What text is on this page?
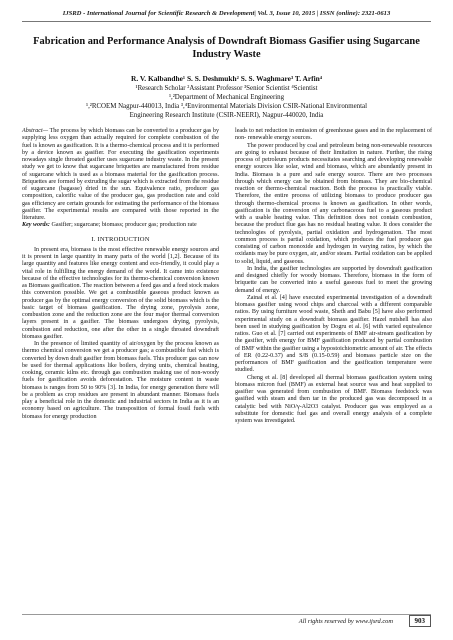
IJSRD - International Journal for Scientific Research & Development| Vol. 3, Issue 10, 2015 | ISSN (online): 2321-0613
Fabrication and Performance Analysis of Downdraft Biomass Gasifier using Sugarcane Industry Waste
R. V. Kalbandhe¹ S. S. Deshmukh² S. S. Waghmare³ T. Arfin⁴
¹Research Scholar ²Assistant Professor ³Senior Scientist ⁴Scientist
¹,²Department of Mechanical Engineering
¹,²RCOEM Nagpur-440013, India ³,⁴Environmental Materials Division CSIR-National Environmental
Engineering Research Institute (CSIR-NEERI), Nagpur-440020, India

Abstract— The process by which biomass can be converted to a producer gas by supplying less oxygen than actually required for complete combustion of the fuel is known as gasification. It is a thermo-chemical process and it is performed by a device known as gasifier. For executing the gasification experiments nowadays single throated gasifier uses sugarcane industry waste. In the present study we get to know that sugarcane briquettes are manufactured from residue of sugarcane which is used as a biomass material for the gasification process. Briquettes are formed by extruding the sugar which is extracted from the residue of sugarcane (bagasse) dried in the sun. Equivalence ratio, producer gas composition, calorific value of the producer gas, gas production rate and cold gas efficiency are certain grounds for estimating the performance of the biomass gasifier. The experimental results are compared with those reported in the literature.

Key words: Gasifier; sugarcane; biomass; producer gas; production rate

I. INTRODUCTION

In present era, biomass is the most effective renewable energy sources and it is present in large quantity in many parts of the world [1,2]. Because of its large quantity and features like energy content and eco-friendly, it could play a vital role in fulfilling the energy demand of the world. It came into existence because of the effective technologies for its thermo-chemical conversion known as Biomass gasification. The reaction between a feed gas and a feed stock makes this conversion possible. We get a combustible gaseous product known as producer gas by the optimal energy conversion of the solid biomass which is the basic target of biomass gasification. The drying zone, pyrolysis zone, combustion zone and the reduction zone are the four major thermal conversion layers present in a gasifier. The biomass undergoes drying, pyrolysis, combustion and reduction, one after the other in a single throated downdraft biomass gasifier.

In the presence of limited quantity of air/oxygen by the process known as thermo chemical conversion we get a producer gas; a combustible fuel which is converted by down draft gasifier from biomass fuels. This producer gas can now be used for thermal applications like boilers, drying units, chemical heating, cooking, ceramic kilns etc. through gas combustion making use of non-woody fuels for gasification avoids deforestation. The moisture content in waste biomass is ranges from 50 to 90% [3]. In India, for energy generation there will be a problem as crop residues are present in abundant manner. Biomass fuels play a beneficial role in the domestic and industrial sectors in India as it is an economy based on agriculture. The transposition of formal fossil fuels with biomass for energy production

leads to net reduction in emission of greenhouse gases and in the replacement of non- renewable energy sources.

The power produced by coal and petroleum being non-renewable resources are going to exhaust because of their limitation in nature. Further, the rising process of petroleum products necessitates searching and developing renewable energy sources like solar, wind and biomass, which are abundantly present in India. Biomass is a pure and safe energy source. There are two processes through which energy can be obtained from biomass. They are bio-chemical reaction or thermo-chemical reaction. Both the process is practically viable. Therefore, the entire process of utilizing biomass to produce producer gas through thermo-chemical process is known as gasification. In other words, gasification is the conversion of any carbonaceous fuel to a gaseous product with a usable heating value. This definition does not contain combustion, because the product flue gas has no residual heating value. It does consider the technologies of pyrolysis, partial oxidation and hydrogenation. The most common process is partial oxidation, which produces the fuel producer gas consisting of carbon monoxide and hydrogen in varying ratios, by which the oxidants may be pure oxygen, air, and/or steam. Partial oxidation can be applied to solid, liquid, and gaseous.

In India, the gasifier technologies are supported by downdraft gasification and designed chiefly for woody biomass. Therefore, biomass in the form of briquette can be converted into a useful gaseous fuel to meet the growing demand of energy.

Zainal et al. [4] have executed experimental investigation of a downdraft biomass gasifier using wood chips and charcoal with a different comparable ratios. By using furniture wood waste, Sheth and Babu [5] have also performed experimental study on a downdraft biomass gasifier. Hazel nutshell has also been used in studying gasification by Dogru et al. [6] with varied equivalence ratios. Guo et al. [7] carried out experiments of BMF air-stream gasification by the gasifier, with energy for BMF gasification produced by partial combustion of BMF within the gasifier using a hypostoichiometric amount of air. The effects of ER (0.22-0.37) and S/B (0.15-0.59) and biomass particle size on the performances of BMF gasification and the gasification temperature were studied.

Cheng et al. [8] developed all thermal biomass gasification system using biomass micron fuel (BMF) as external heat source was and heat supplied to gasifier was generated from combustion of BMF. Biomass feedstock was gasified with steam and then tar in the produced gas was decomposed in a catalytic bed with NiO/γ-Al2O3 catalyst. Producer gas was employed as a substitute for domestic fuel gas and overall energy analysis of a complete system was investigated.

All rights reserved by www.ijsrd.com	903
